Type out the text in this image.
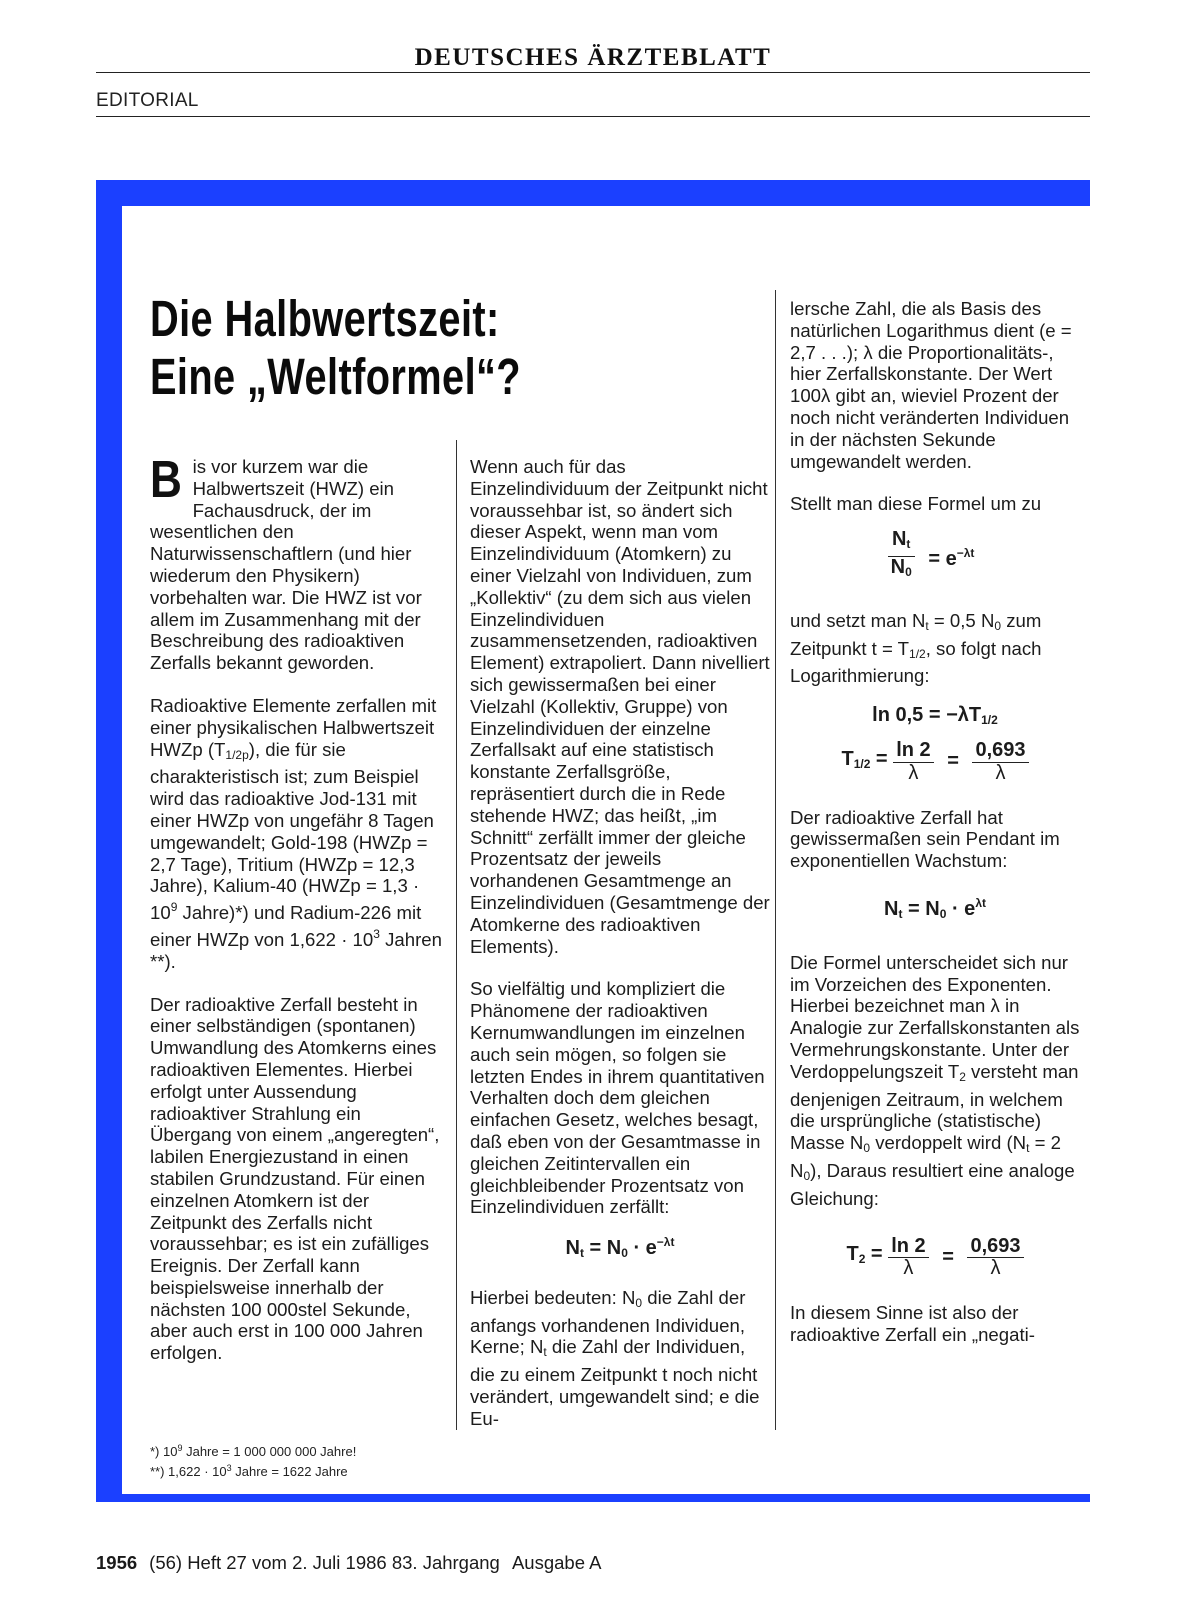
DEUTSCHES ÄRZTEBLATT
EDITORIAL
Die Halbwertszeit:
Eine „Weltformel“?

Bis vor kurzem war die Halbwertszeit (HWZ) ein Fachausdruck, der im wesentlichen den Naturwissenschaftlern (und hier wiederum den Physikern) vorbehalten war. Die HWZ ist vor allem im Zusammenhang mit der Beschreibung des radioaktiven Zerfalls bekannt geworden.

Radioaktive Elemente zerfallen mit einer physikalischen Halbwertszeit HWZp $(T_{1/2p})$, die für sie charakteristisch ist; zum Beispiel wird das radioaktive Jod-131 mit einer HWZp von ungefähr 8 Tagen umgewandelt; Gold-198 (HWZp = 2,7 Tage), Tritium (HWZp = 12,3 Jahre), Kalium-40 (HWZp = $1,3 \cdot 10^9$ Jahre)*) und Radium-226 mit einer HWZp von $1,622 \cdot 10^3$ Jahren **).

Der radioaktive Zerfall besteht in einer selbständigen (spontanen) Umwandlung des Atomkerns eines radioaktiven Elementes. Hierbei erfolgt unter Aussendung radioaktiver Strahlung ein Übergang von einem „angeregten“, labilen Energiezustand in einen stabilen Grundzustand. Für einen einzelnen Atomkern ist der Zeitpunkt des Zerfalls nicht voraussehbar; es ist ein zufälliges Ereignis. Der Zerfall kann beispielsweise innerhalb der nächsten 100 000stel Sekunde, aber auch erst in 100 000 Jahren erfolgen.

*) $10^9$ Jahre = 1 000 000 000 Jahre!
**) $1,622 \cdot 10^3$ Jahre = 1622 Jahre

Wenn auch für das Einzelindividuum der Zeitpunkt nicht voraussehbar ist, so ändert sich dieser Aspekt, wenn man vom Einzelindividuum (Atomkern) zu einer Vielzahl von Individuen, zum „Kollektiv“ (zu dem sich aus vielen Einzelindividuen zusammensetzenden, radioaktiven Element) extrapoliert. Dann nivelliert sich gewissermaßen bei einer Vielzahl (Kollektiv, Gruppe) von Einzelindividuen der einzelne Zerfallsakt auf eine statistisch konstante Zerfallsgröße, repräsentiert durch die in Rede stehende HWZ; das heißt, „im Schnitt“ zerfällt immer der gleiche Prozentsatz der jeweils vorhandenen Gesamtmenge an Einzelindividuen (Gesamtmenge der Atomkerne des radioaktiven Elements).

So vielfältig und kompliziert die Phänomene der radioaktiven Kernumwandlungen im einzelnen auch sein mögen, so folgen sie letzten Endes in ihrem quantitativen Verhalten doch dem gleichen einfachen Gesetz, welches besagt, daß eben von der Gesamtmasse in gleichen Zeitintervallen ein gleichbleibender Prozentsatz von Einzelindividuen zerfällt:

$N_t = N_0 \cdot e^{-\lambda t}$

Hierbei bedeuten: $N_0$ die Zahl der anfangs vorhandenen Individuen, Kerne; $N_t$ die Zahl der Individuen, die zu einem Zeitpunkt t noch nicht verändert, umgewandelt sind; e die Eu-

lersche Zahl, die als Basis des natürlichen Logarithmus dient (e = 2,7 . . .); λ die Proportionalitäts-, hier Zerfallskonstante. Der Wert 100λ gibt an, wieviel Prozent der noch nicht veränderten Individuen in der nächsten Sekunde umgewandelt werden.

Stellt man diese Formel um zu

$\frac{N_t}{N_0} = e^{-\lambda t}$

und setzt man $N_t = 0,5$ $N_0$ zum Zeitpunkt $t = T_{1/2}$, so folgt nach Logarithmierung:

$\ln 0,5 = -\lambda T_{1/2}$
$T_{1/2} = \frac{\ln 2}{\lambda} = \frac{0,693}{\lambda}$

Der radioaktive Zerfall hat gewissermaßen sein Pendant im exponentiellen Wachstum:

$N_t = N_0 \cdot e^{\lambda t}$

Die Formel unterscheidet sich nur im Vorzeichen des Exponenten. Hierbei bezeichnet man λ in Analogie zur Zerfallskonstanten als Vermehrungskonstante. Unter der Verdoppelungszeit $T_2$ versteht man denjenigen Zeitraum, in welchem die ursprüngliche (statistische) Masse $N_0$ verdoppelt wird ($N_t = 2$ $N_0$), Daraus resultiert eine analoge Gleichung:

$T_2 = \frac{\ln 2}{\lambda} = \frac{0,693}{\lambda}$

In diesem Sinne ist also der radioaktive Zerfall ein „negati-

1956 (56) Heft 27 vom 2. Juli 1986 83. Jahrgang Ausgabe A
